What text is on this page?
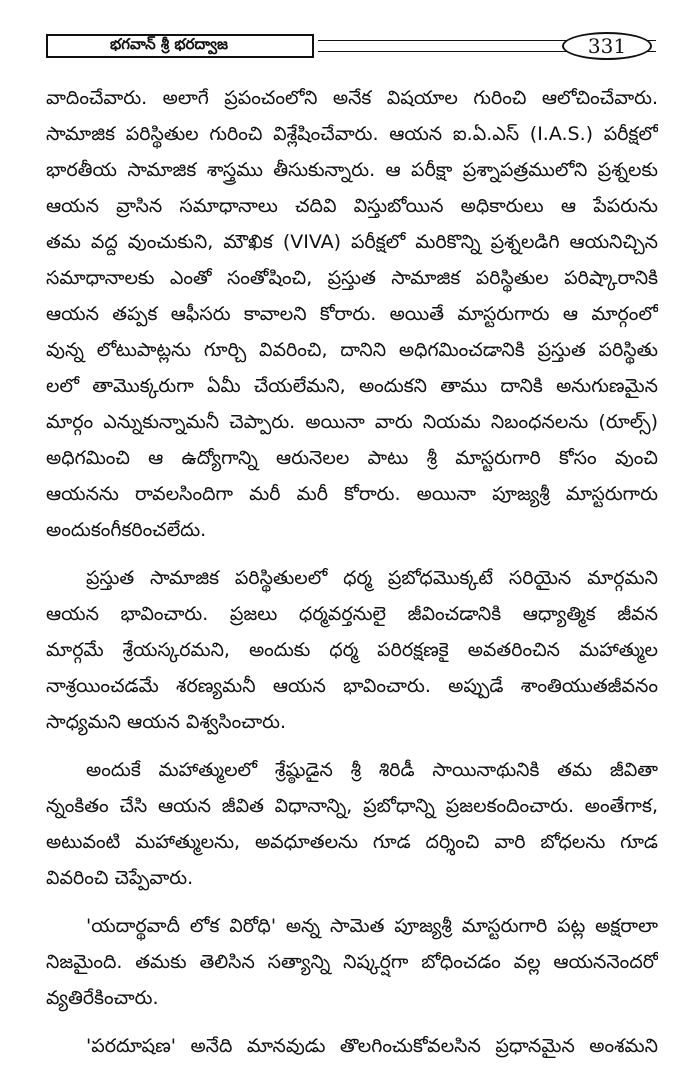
భగవాన్ శ్రీ భరద్వాజ	331
వాదించేవారు. అలాగే ప్రపంచంలోని అనేక విషయాల గురించి ఆలోచించేవారు.
సామాజిక పరిస్థితుల గురించి విశ్లేషించేవారు. ఆయన ఐ.ఏ.ఎస్ (I.A.S.) పరీక్షలో
భారతీయ సామాజిక శాస్త్రము తీసుకున్నారు. ఆ పరీక్షా ప్రశ్నాపత్రములోని ప్రశ్నలకు
ఆయన వ్రాసిన సమాధానాలు చదివి విస్తుబోయిన అధికారులు ఆ పేపరును
తమ వద్ద వుంచుకుని, మౌఖిక (VIVA) పరీక్షలో మరికొన్ని ప్రశ్నలడిగి ఆయనిచ్చిన
సమాధానాలకు ఎంతో సంతోషించి, ప్రస్తుత సామాజిక పరిస్థితుల పరిష్కారానికి
ఆయన తప్పక ఆఫీసరు కావాలని కోరారు. అయితే మాస్టరుగారు ఆ మార్గంలో
వున్న లోటుపాట్లను గూర్చి వివరించి, దానిని అధిగమించడానికి ప్రస్తుత పరిస్థితు
లలో తామెుక్కరుగా ఏమీ చేయలేమని, అందుకని తాము దానికి అనుగుణమైన
మార్గం ఎన్నుకున్నామనీ చెప్పారు. అయినా వారు నియమ నిబంధనలను (రూల్స్)
అధిగమించి ఆ ఉద్యోగాన్ని ఆరునెలల పాటు శ్రీ మాస్టరుగారి కోసం వుంచి
ఆయనను రావలసిందిగా మరీ మరీ కోరారు. అయినా పూజ్యశ్రీ మాస్టరుగారు
అందుకంగీకరించలేదు.
ప్రస్తుత సామాజిక పరిస్థితులలో ధర్మ ప్రబోధమొక్కటే సరియైన మార్గమని
ఆయన భావించారు. ప్రజలు ధర్మవర్తనులై జీవించడానికి ఆధ్యాత్మిక జీవన
మార్గమే శ్రేయస్కరమని, అందుకు ధర్మ పరిరక్షణకై అవతరించిన మహాత్ముల
నాశ్రయించడమే శరణ్యమనీ ఆయన భావించారు. అప్పుడే శాంతియుతజీవనం
సాధ్యమని ఆయన విశ్వసించారు.
అందుకే మహాత్ములలో శ్రేష్ఠుడైన శ్రీ శిరిడీ సాయినాథునికి తమ జీవితా
న్నంకితం చేసి ఆయన జీవిత విధానాన్ని, ప్రబోధాన్ని ప్రజలకందించారు. అంతేగాక,
అటువంటి మహాత్ములను, అవధూతలను గూడ దర్శించి వారి బోధలను గూడ
వివరించి చెప్పేవారు.
'యదార్థవాదీ లోక విరోధి' అన్న సామెత పూజ్యశ్రీ మాస్టరుగారి పట్ల అక్షరాలా
నిజమైంది. తమకు తెలిసిన సత్యాన్ని నిష్కర్షగా బోధించడం వల్ల ఆయననెందరో
వ్యతిరేకించారు.
'పరదూషణ' అనేది మానవుడు తొలగించుకోవలసిన ప్రధానమైన అంశమని
